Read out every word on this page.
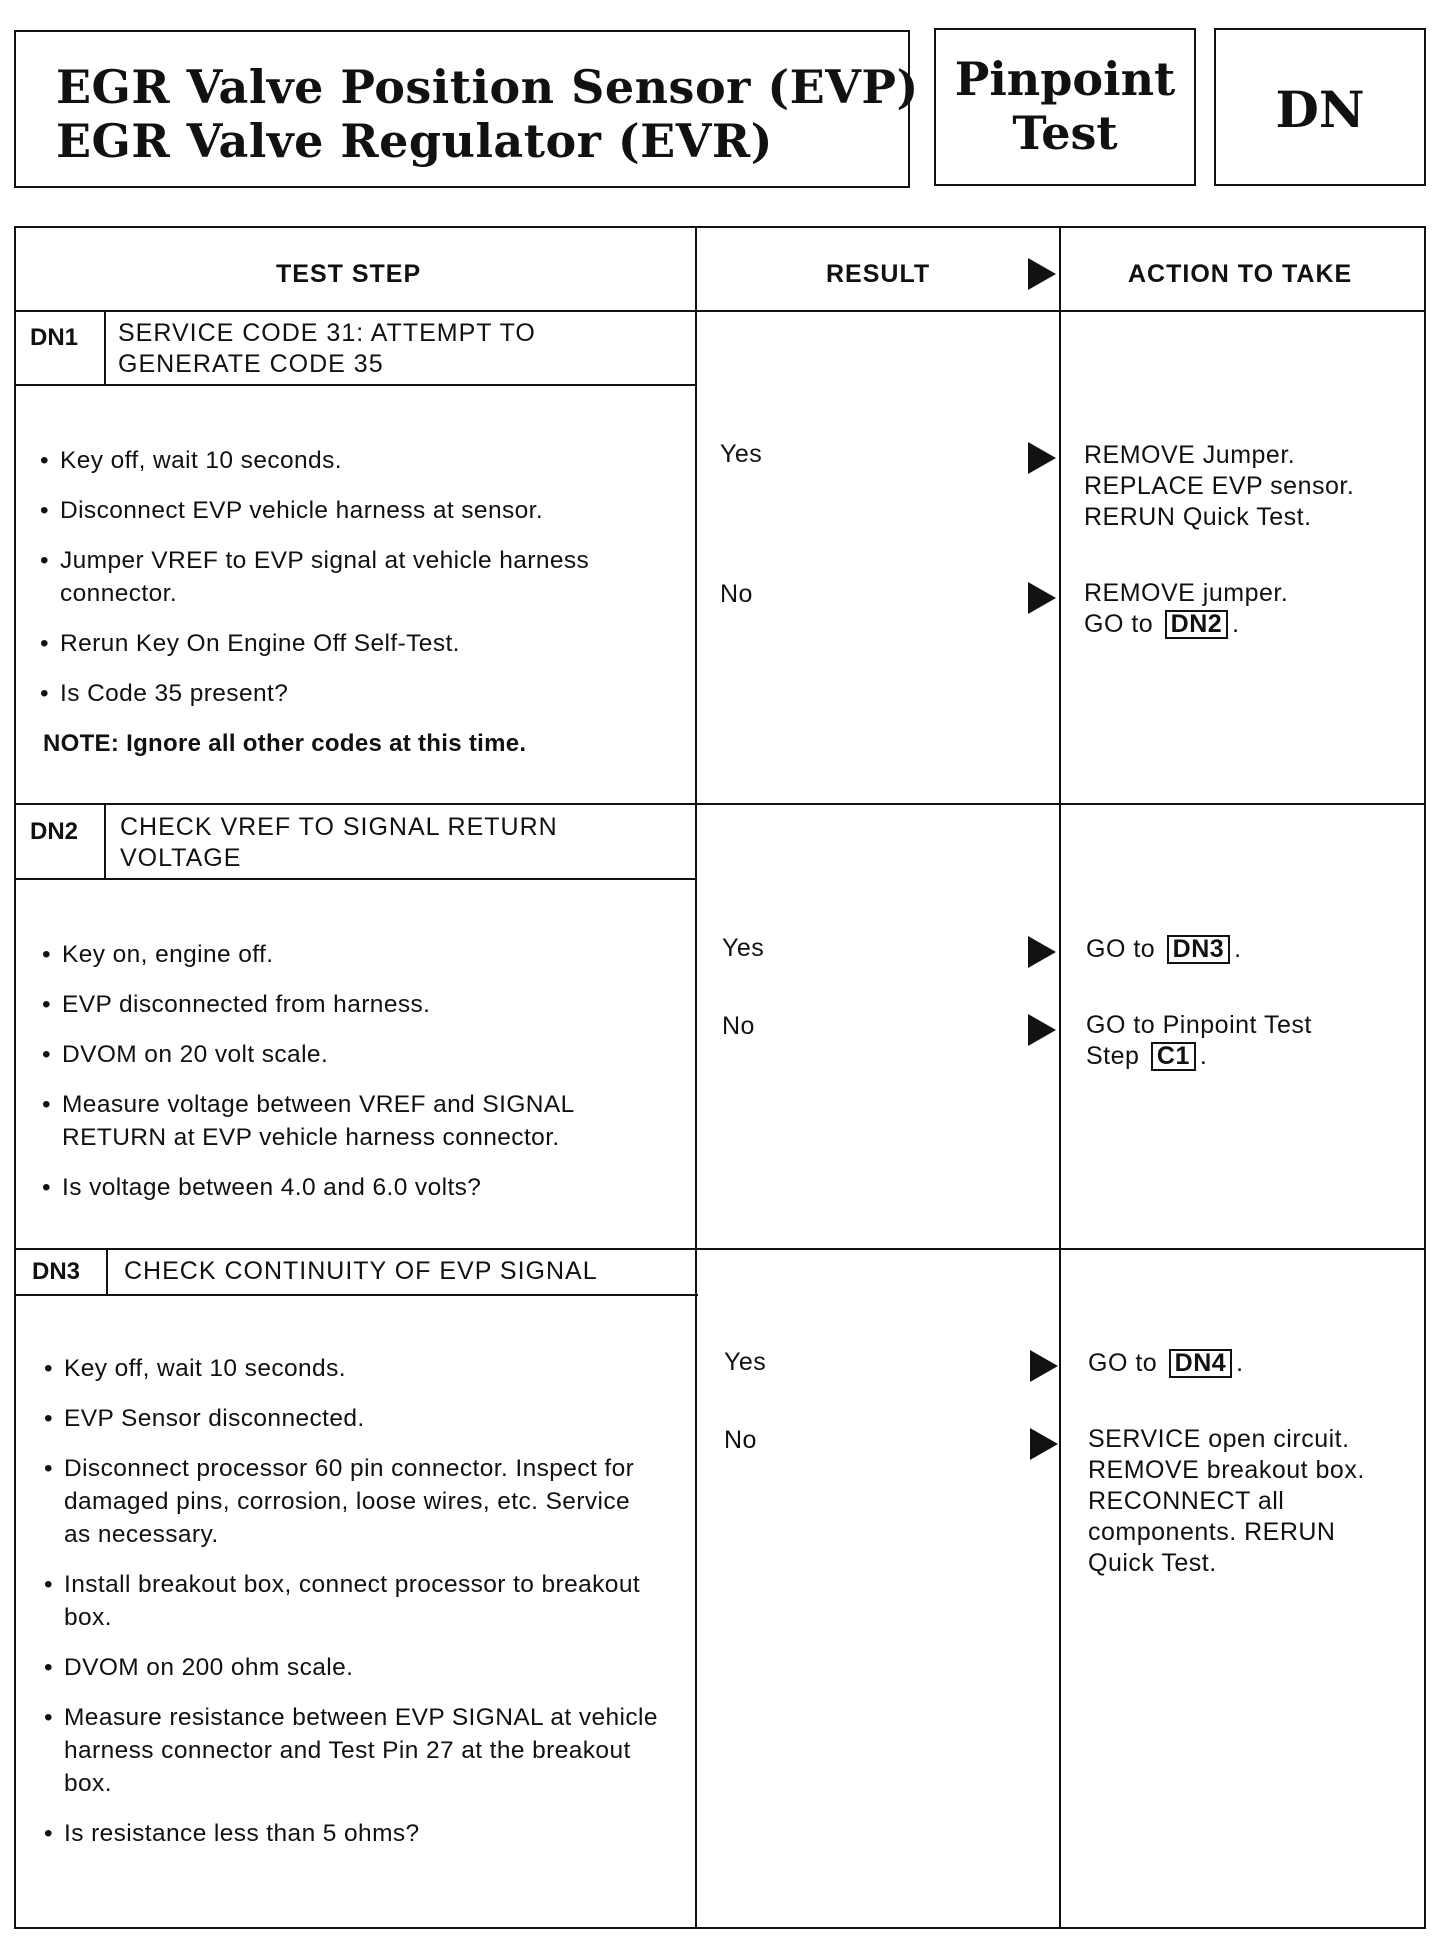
EGR Valve Position Sensor (EVP)
EGR Valve Regulator (EVR)
Pinpoint
Test	DN
TEST STEP	RESULT	ACTION TO TAKE
DN1 SERVICE CODE 31: ATTEMPT TO GENERATE CODE 35
• Key off, wait 10 seconds.
• Disconnect EVP vehicle harness at sensor.
• Jumper VREF to EVP signal at vehicle harness connector.
• Rerun Key On Engine Off Self-Test.
• Is Code 35 present?
NOTE: Ignore all other codes at this time.
Yes	REMOVE Jumper.
REPLACE EVP sensor.
RERUN Quick Test.
No	REMOVE jumper.
GO to DN2 .
DN2 CHECK VREF TO SIGNAL RETURN VOLTAGE
• Key on, engine off.
• EVP disconnected from harness.
• DVOM on 20 volt scale.
• Measure voltage between VREF and SIGNAL RETURN at EVP vehicle harness connector.
• Is voltage between 4.0 and 6.0 volts?
Yes	GO to DN3 .
No	GO to Pinpoint Test
Step C1 .
DN3 CHECK CONTINUITY OF EVP SIGNAL
• Key off, wait 10 seconds.
• EVP Sensor disconnected.
• Disconnect processor 60 pin connector. Inspect for damaged pins, corrosion, loose wires, etc. Service as necessary.
• Install breakout box, connect processor to breakout box.
• DVOM on 200 ohm scale.
• Measure resistance between EVP SIGNAL at vehicle harness connector and Test Pin 27 at the breakout box.
• Is resistance less than 5 ohms?
Yes	GO to DN4 .
No	SERVICE open circuit.
REMOVE breakout box.
RECONNECT all
components. RERUN
Quick Test.
